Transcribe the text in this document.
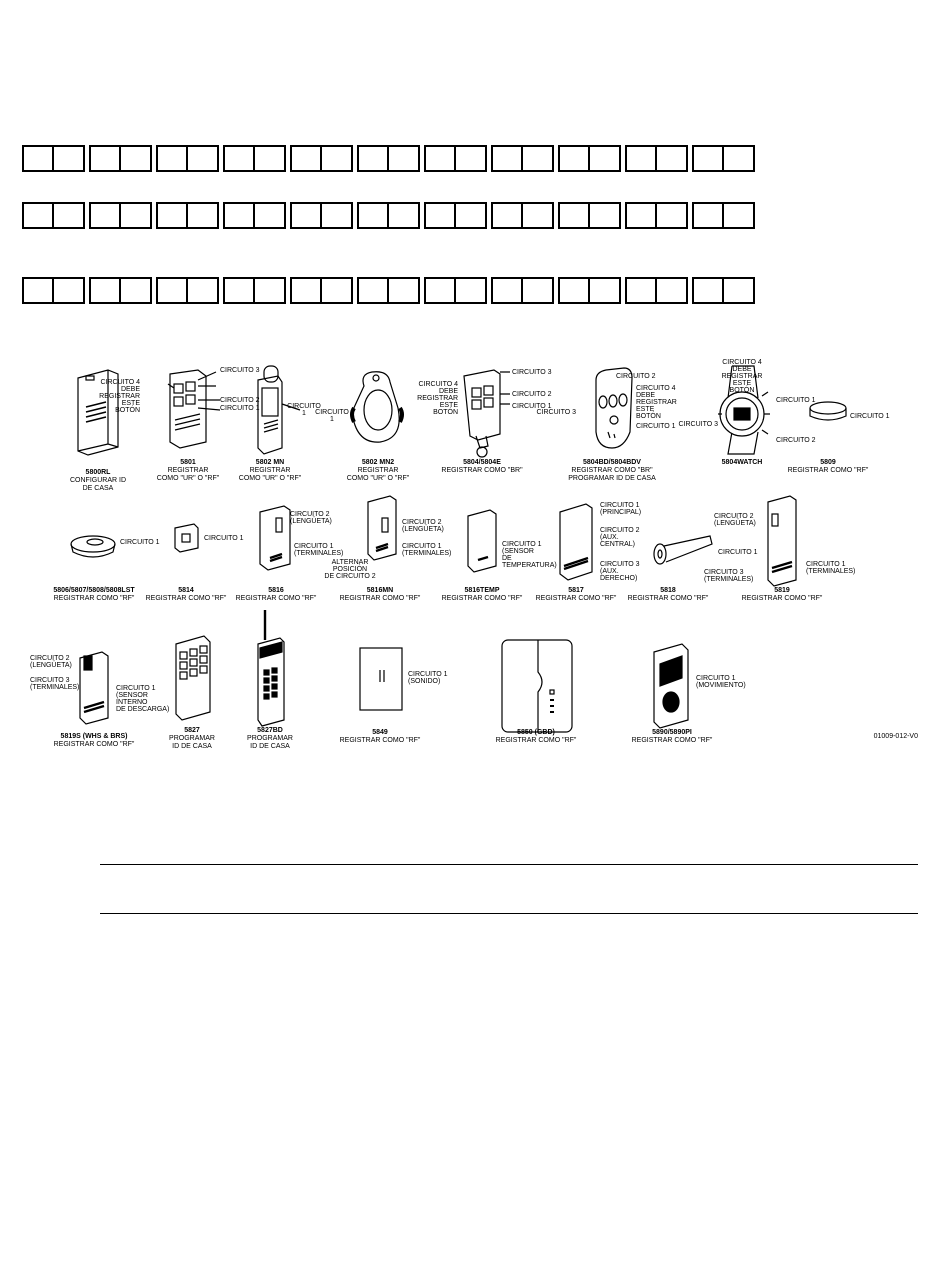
5800RL
CONFIGURAR ID
DE CASA
5801
REGISTRAR
COMO "UR" O "RF"
CIRCUITO 4
DEBE
REGISTRAR
ESTE
BOTÓN
CIRCUITO 3
CIRCUITO 2
CIRCUITO 1
5802 MN
REGISTRAR
COMO "UR" O "RF"
CIRCUITO
1
5802 MN2
REGISTRAR
COMO "UR" O "RF"
CIRCUITO
1
5804/5804E
REGISTRAR COMO "BR"
CIRCUITO 4
DEBE
REGISTRAR
ESTE
BOTÓN
CIRCUITO 3
CIRCUITO 2
CIRCUITO 1
5804BD/5804BDV
REGISTRAR COMO "BR"
PROGRAMAR ID DE CASA
CIRCUITO 2
CIRCUITO 4
DEBE
REGISTRAR
ESTE
BOTÓN
CIRCUITO 3
CIRCUITO 1
5804WATCH
CIRCUITO 4
DEBE
REGISTRAR
ESTE
BOTÓN
CIRCUITO 1
CIRCUITO 3
CIRCUITO 2
5809
REGISTRAR COMO "RF"
CIRCUITO 1
5806/5807/5808/5808LST
REGISTRAR COMO "RF"
CIRCUITO 1
5814
REGISTRAR COMO "RF"
CIRCUITO 1
5816
REGISTRAR COMO "RF"
CIRCUITO 2
(LENGÜETA)
CIRCUITO 1
(TERMINALES)
5816MN
REGISTRAR COMO "RF"
CIRCUITO 2
(LENGÜETA)
CIRCUITO 1
(TERMINALES)
ALTERNAR
POSICIÓN
DE CIRCUITO 2
5816TEMP
REGISTRAR COMO "RF"
CIRCUITO 1
(SENSOR
DE
TEMPERATURA)
5817
REGISTRAR COMO "RF"
CIRCUITO 1
(PRINCIPAL)
CIRCUITO 2
(AUX.
CENTRAL)
CIRCUITO 3
(AUX.
DERECHO)
5818
REGISTRAR COMO "RF"
CIRCUITO 1
5819
REGISTRAR COMO "RF"
CIRCUITO 2
(LENGÜETA)
CIRCUITO 3
(TERMINALES)
CIRCUITO 1
(TERMINALES)
5819S (WHS & BRS)
REGISTRAR COMO "RF"
CIRCUITO 2
(LENGÜETA)
CIRCUITO 3
(TERMINALES)	CIRCUITO 1
(SENSOR
INTERNO
DE DESCARGA)
5827
PROGRAMAR
ID DE CASA
5827BD
PROGRAMAR
ID DE CASA
5849
REGISTRAR COMO "RF"
CIRCUITO 1
(SONIDO)
5850 (GBD)
REGISTRAR COMO "RF"
5890/5890PI
REGISTRAR COMO "RF"
CIRCUITO 1
(MOVIMIENTO)
01009-012-V0
